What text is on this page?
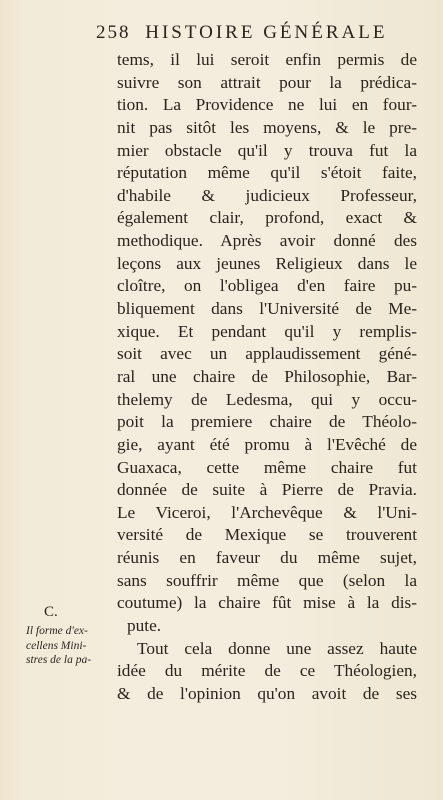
258 HISTOIRE GÉNÉRALE
tems, il lui seroit enfin permis de
suivre son attrait pour la prédica-
tion. La Providence ne lui en four-
nit pas sitôt les moyens, & le pre-
mier obstacle qu'il y trouva fut la
réputation même qu'il s'étoit faite,
d'habile & judicieux Professeur,
également clair, profond, exact &
methodique. Après avoir donné des
leçons aux jeunes Religieux dans le
cloître, on l'obligea d'en faire pu-
bliquement dans l'Université de Me-
xique. Et pendant qu'il y remplis-
soit avec un applaudissement géné-
ral une chaire de Philosophie, Bar-
thelemy de Ledesma, qui y occu-
poit la premiere chaire de Théolo-
gie, ayant été promu à l'Evêché de
Guaxaca, cette même chaire fut
donnée de suite à Pierre de Pravia.
Le Viceroi, l'Archevêque & l'Uni-
versité de Mexique se trouverent
réunis en faveur du même sujet,
sans souffrir même que (selon la
coutume) la chaire fût mise à la dis-
pute.
Tout cela donne une assez haute
idée du mérite de ce Théologien,
& de l'opinion qu'on avoit de ses
C.
Il forme d'ex-
cellens Mini-
stres de la pa-
